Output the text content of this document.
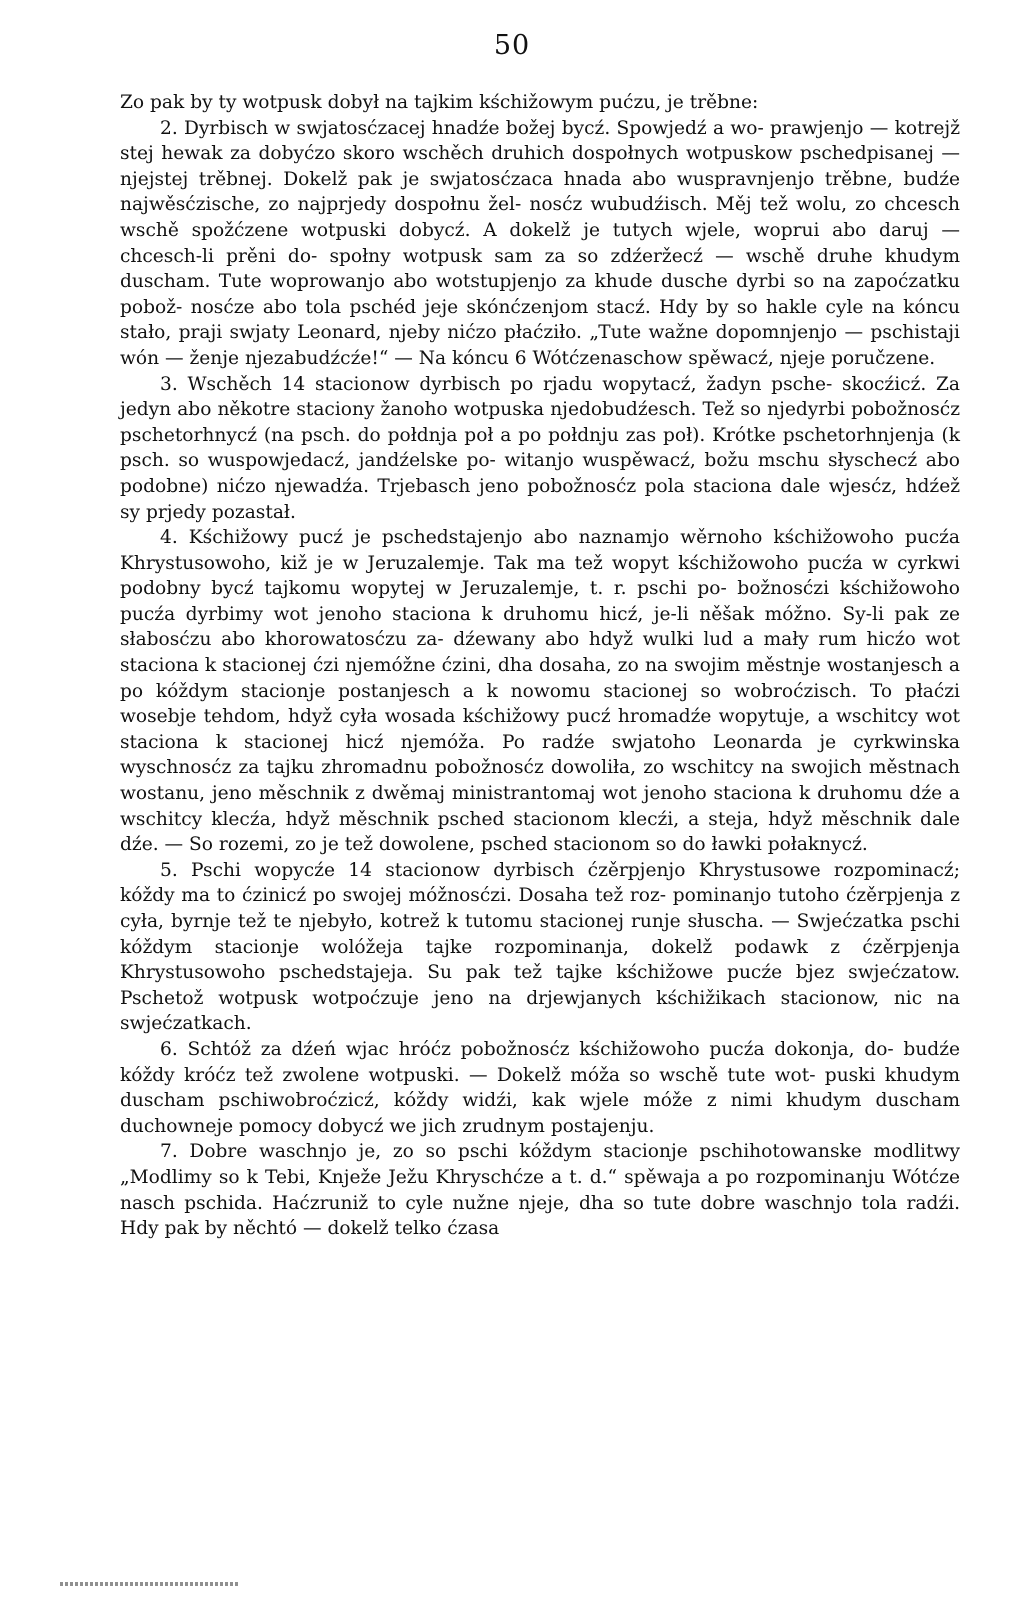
50

Zo pak by ty wotpusk dobył na tajkim kśchižowym pućzu, je trěbne:

2. Dyrbisch w swjatosćzacej hnadźe božej bycź. Spowjedź a wo- prawjenjo — kotrejž stej hewak za dobyćzo skoro wschěch druhich dospołnych wotpuskow pschedpisanej — njejstej trěbnej. Dokelž pak je swjatosćzaca hnada abo wuspravnjenjo trěbne, budźe najwěsćzische, zo najprjedy dospołnu žel- nosćz wubudźisch. Měj tež wolu, zo chcesch wschě spožćzene wotpuski dobycź. A dokelž je tutych wjele, woprui abo daruj — chcesch-li prěni do- społny wotpusk sam za so zdźeržecź — wschě druhe khudym duscham. Tute woprowanjo abo wotstupjenjo za khude dusche dyrbi so na zapoćzatku pobož- nosćze abo tola pschéd jeje skónćzenjom stacź. Hdy by so hakle cyle na kóncu stało, praji swjaty Leonard, njeby nićzo płaćziło. „Tute wažne dopomnjenjo — pschistaji wón — ženje njezabudźcźe!“ — Na kóncu 6 Wótćzenaschow spěwacź, njeje poručzene.

3. Wschěch 14 stacionow dyrbisch po rjadu wopytacź, žadyn psche- skocźicź. Za jedyn abo někotre staciony žanoho wotpuska njedobudźesch. Tež so njedyrbi pobožnosćz pschetorhnycź (na psch. do połdnja poł a po połdnju zas poł). Krótke pschetorhnjenja (k psch. so wuspowjedacź, jandźelske po- witanjo wuspěwacź, božu mschu słyschecź abo podobne) nićzo njewadźa. Trjebasch jeno pobožnosćz pola staciona dale wjesćz, hdźež sy prjedy pozastał.

4. Kśchižowy pucź je pschedstajenjo abo naznamjo wěrnoho kśchižowoho pucźa Khrystusowoho, kiž je w Jeruzalemje. Tak ma tež wopyt kśchižowoho pucźa w cyrkwi podobny bycź tajkomu wopytej w Jeruzalemje, t. r. pschi po- božnosćzi kśchižowoho pucźa dyrbimy wot jenoho staciona k druhomu hicź, je-li něšak móžno. Sy-li pak ze słabosćzu abo khorowatosćzu za- dźewany abo hdyž wulki lud a mały rum hicźo wot staciona k stacionej ćzi njemóžne ćzini, dha dosaha, zo na swojim městnje wostanjesch a po kóždym stacionje postanjesch a k nowomu stacionej so wobroćzisch. To płaćzi wosebje tehdom, hdyž cyła wosada kśchižowy pucź hromadźe wopytuje, a wschitcy wot staciona k stacionej hicź njemóža. Po radźe swjatoho Leonarda je cyrkwinska wyschnosćz za tajku zhromadnu pobožnosćz dowoliła, zo wschitcy na swojich městnach wostanu, jeno měschnik z dwěmaj ministrantomaj wot jenoho staciona k druhomu dźe a wschitcy klecźa, hdyž měschnik psched stacionom klecźi, a steja, hdyž měschnik dale dźe. — So rozemi, zo je tež dowolene, psched stacionom so do ławki połaknycź.

5. Pschi wopycźe 14 stacionow dyrbisch ćzěrpjenjo Khrystusowe rozpominacź; kóždy ma to ćzinicź po swojej móžnosćzi. Dosaha tež roz- pominanjo tutoho ćzěrpjenja z cyła, byrnje tež te njebyło, kotrež k tutomu stacionej runje słuscha. — Swjećzatka pschi kóždym stacionje wolóžeja tajke rozpominanja, dokelž podawk z ćzěrpjenja Khrystusowoho pschedstajeja. Su pak tež tajke kśchižowe pucźe bjez swjećzatow. Pschetož wotpusk wotpoćzuje jeno na drjewjanych kśchižikach stacionow, nic na swjećzatkach.

6. Schtóž za dźeń wjac hróćz pobožnosćz kśchižowoho pucźa dokonja, do- budźe kóždy króćz tež zwolene wotpuski. — Dokelž móža so wschě tute wot- puski khudym duscham pschiwobroćzicź, kóždy widźi, kak wjele móže z nimi khudym duscham duchowneje pomocy dobycź we jich zrudnym postajenju.

7. Dobre waschnjo je, zo so pschi kóždym stacionje pschihotowanske modlitwy „Modlimy so k Tebi, Knježe Ježu Khryschćze a t. d.“ spěwaja a po rozpominanju Wótćze nasch pschida. Haćzruniž to cyle nužne njeje, dha so tute dobre waschnjo tola radźi. Hdy pak by něchtó — dokelž telko ćzasa
